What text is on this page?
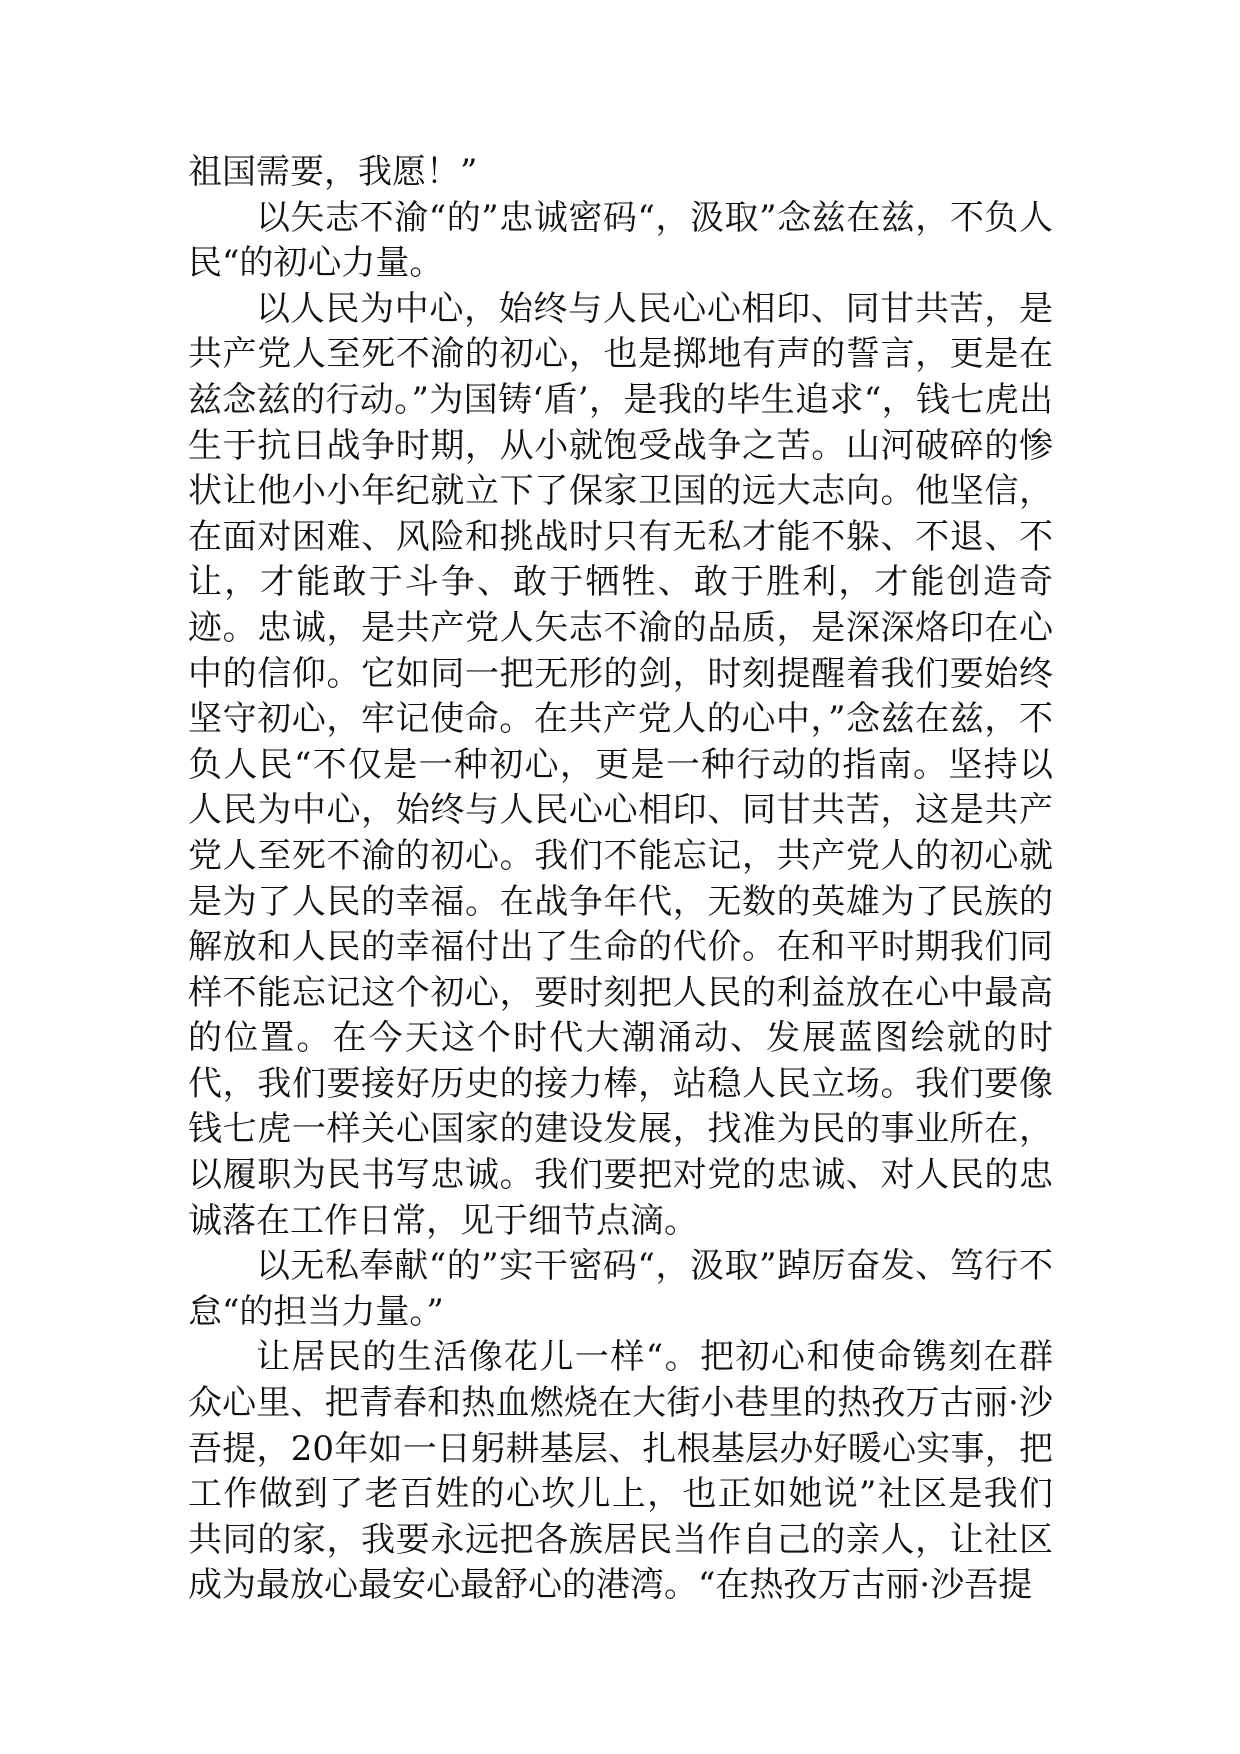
祖国需要，我愿！”

以矢志不渝“的”忠诚密码“，汲取”念兹在兹，不负人民“的初心力量。

以人民为中心，始终与人民心心相印、同甘共苦，是共产党人至死不渝的初心，也是掷地有声的誓言，更是在兹念兹的行动。”为国铸‘盾’，是我的毕生追求“，钱七虎出生于抗日战争时期，从小就饱受战争之苦。山河破碎的惨状让他小小年纪就立下了保家卫国的远大志向。他坚信，在面对困难、风险和挑战时只有无私才能不躲、不退、不让，才能敢于斗争、敢于牺牲、敢于胜利，才能创造奇迹。忠诚，是共产党人矢志不渝的品质，是深深烙印在心中的信仰。它如同一把无形的剑，时刻提醒着我们要始终坚守初心，牢记使命。在共产党人的心中，”念兹在兹，不负人民“不仅是一种初心，更是一种行动的指南。坚持以人民为中心，始终与人民心心相印、同甘共苦，这是共产党人至死不渝的初心。我们不能忘记，共产党人的初心就是为了人民的幸福。在战争年代，无数的英雄为了民族的解放和人民的幸福付出了生命的代价。在和平时期我们同样不能忘记这个初心，要时刻把人民的利益放在心中最高的位置。在今天这个时代大潮涌动、发展蓝图绘就的时代，我们要接好历史的接力棒，站稳人民立场。我们要像钱七虎一样关心国家的建设发展，找准为民的事业所在，以履职为民书写忠诚。我们要把对党的忠诚、对人民的忠诚落在工作日常，见于细节点滴。

以无私奉献“的”实干密码“，汲取”踔厉奋发、笃行不怠“的担当力量。”

让居民的生活像花儿一样“。把初心和使命镌刻在群众心里、把青春和热血燃烧在大街小巷里的热孜万古丽·沙吾提，20年如一日躬耕基层、扎根基层办好暖心实事，把工作做到了老百姓的心坎儿上，也正如她说”社区是我们共同的家，我要永远把各族居民当作自己的亲人，让社区成为最放心最安心最舒心的港湾。“在热孜万古丽·沙吾提
